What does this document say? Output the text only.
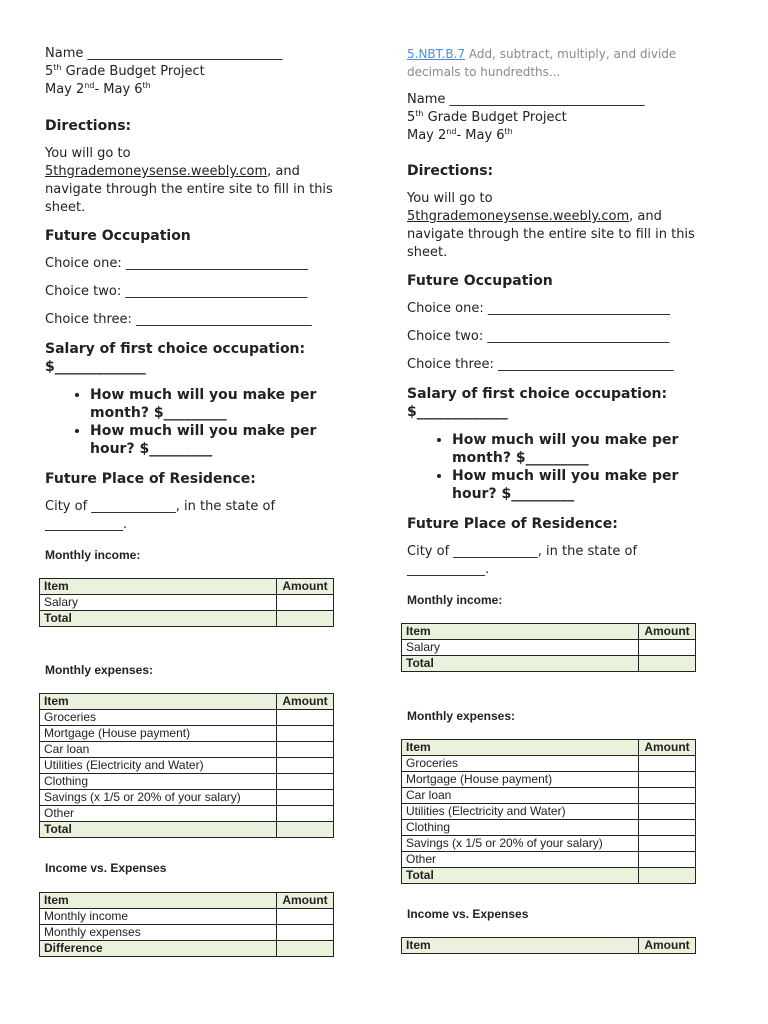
Name ______________________________

5th Grade Budget Project

May 2nd- May 6th

Directions:

You will go to
5thgrademoneysense.weebly.com, and navigate through the entire site to fill in this sheet.

Future Occupation

Choice one: ____________________________

Choice two: ____________________________

Choice three: ___________________________

Salary of first choice occupation:
$_____________

• How much will you make per month? $_________
• How much will you make per hour? $_________

Future Place of Residence:

City of _____________, in the state of ____________.

Monthly income:

Item	Amount
Salary	
Total	

Monthly expenses:

Item	Amount
Groceries	
Mortgage (House payment)	
Car loan	
Utilities (Electricity and Water)	
Clothing	
Savings (x 1/5 or 20% of your salary)	
Other	
Total	

Income vs. Expenses

Item	Amount
Monthly income	
Monthly expenses	
Difference	
5.NBT.B.7 Add, subtract, multiply, and divide decimals to hundredths...

Name ______________________________

5th Grade Budget Project

May 2nd- May 6th

Directions:

You will go to
5thgrademoneysense.weebly.com, and navigate through the entire site to fill in this sheet.

Future Occupation

Choice one: ____________________________

Choice two: ____________________________

Choice three: ___________________________

Salary of first choice occupation:
$_____________

• How much will you make per month? $_________
• How much will you make per hour? $_________

Future Place of Residence:

City of _____________, in the state of ____________.

Monthly income:

Item	Amount
Salary	
Total	

Monthly expenses:

Item	Amount
Groceries	
Mortgage (House payment)	
Car loan	
Utilities (Electricity and Water)	
Clothing	
Savings (x 1/5 or 20% of your salary)	
Other	
Total	

Income vs. Expenses

Item	Amount
